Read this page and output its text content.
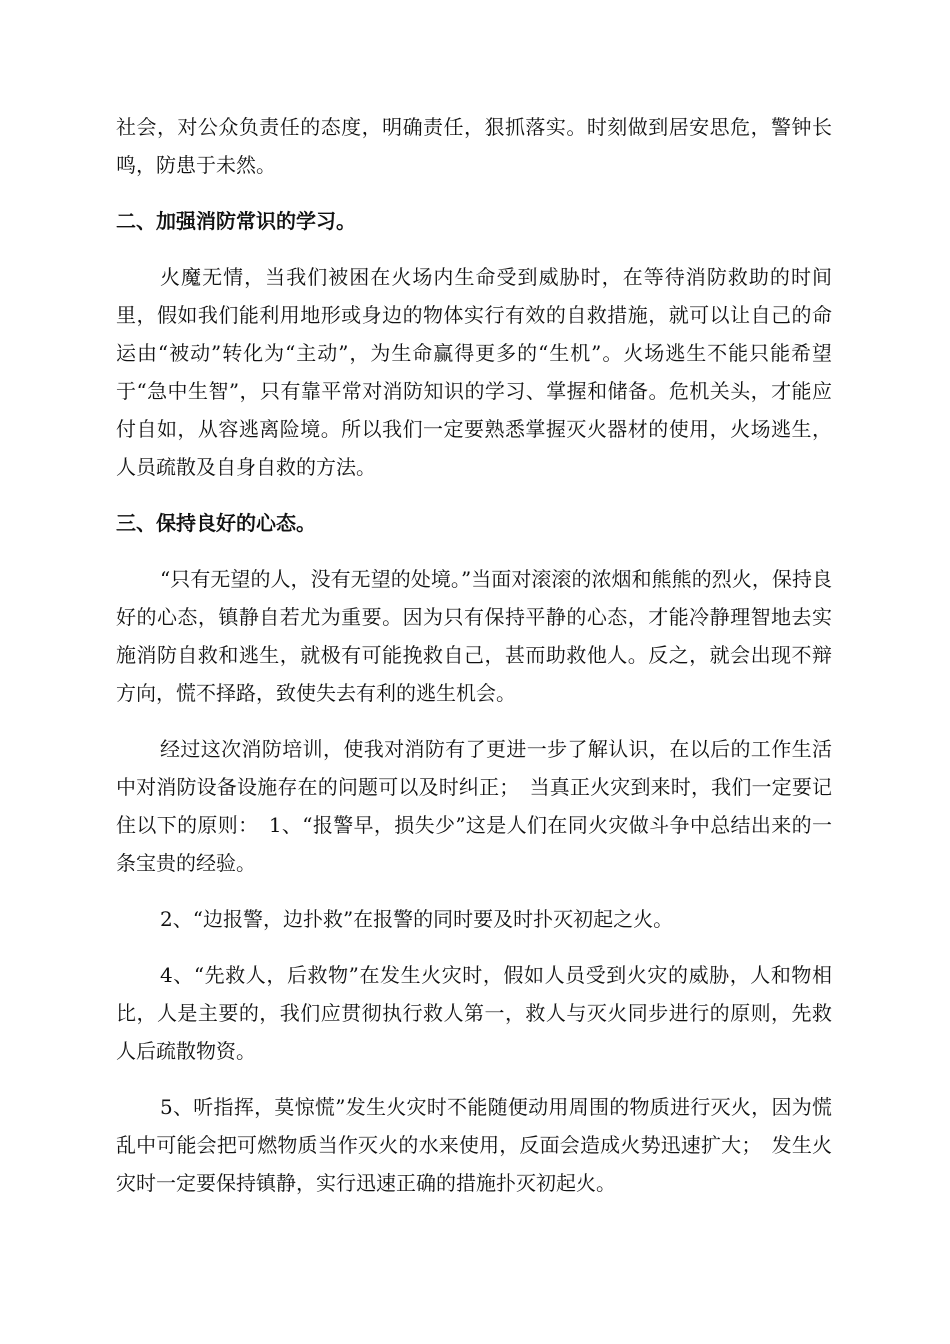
社会，对公众负责任的态度，明确责任，狠抓落实。时刻做到居安思危，警钟长鸣，防患于未然。

二、加强消防常识的学习。

火魔无情，当我们被困在火场内生命受到威胁时，在等待消防救助的时间里，假如我们能利用地形或身边的物体实行有效的自救措施，就可以让自己的命运由“被动”转化为“主动”，为生命赢得更多的“生机”。火场逃生不能只能希望于“急中生智”，只有靠平常对消防知识的学习、掌握和储备。危机关头，才能应付自如，从容逃离险境。所以我们一定要熟悉掌握灭火器材的使用，火场逃生，人员疏散及自身自救的方法。

三、保持良好的心态。

“只有无望的人，没有无望的处境。”当面对滚滚的浓烟和熊熊的烈火，保持良好的心态，镇静自若尤为重要。因为只有保持平静的心态，才能冷静理智地去实施消防自救和逃生，就极有可能挽救自己，甚而助救他人。反之，就会出现不辩方向，慌不择路，致使失去有利的逃生机会。

经过这次消防培训，使我对消防有了更进一步了解认识，在以后的工作生活中对消防设备设施存在的问题可以及时纠正；　当真正火灾到来时，我们一定要记住以下的原则：　1、“报警早，损失少”这是人们在同火灾做斗争中总结出来的一条宝贵的经验。

2、“边报警，边扑救”在报警的同时要及时扑灭初起之火。

4、“先救人，后救物”在发生火灾时，假如人员受到火灾的威胁，人和物相比，人是主要的，我们应贯彻执行救人第一，救人与灭火同步进行的原则，先救人后疏散物资。

5、听指挥，莫惊慌”发生火灾时不能随便动用周围的物质进行灭火，因为慌乱中可能会把可燃物质当作灭火的水来使用，反面会造成火势迅速扩大；　发生火灾时一定要保持镇静，实行迅速正确的措施扑灭初起火。
